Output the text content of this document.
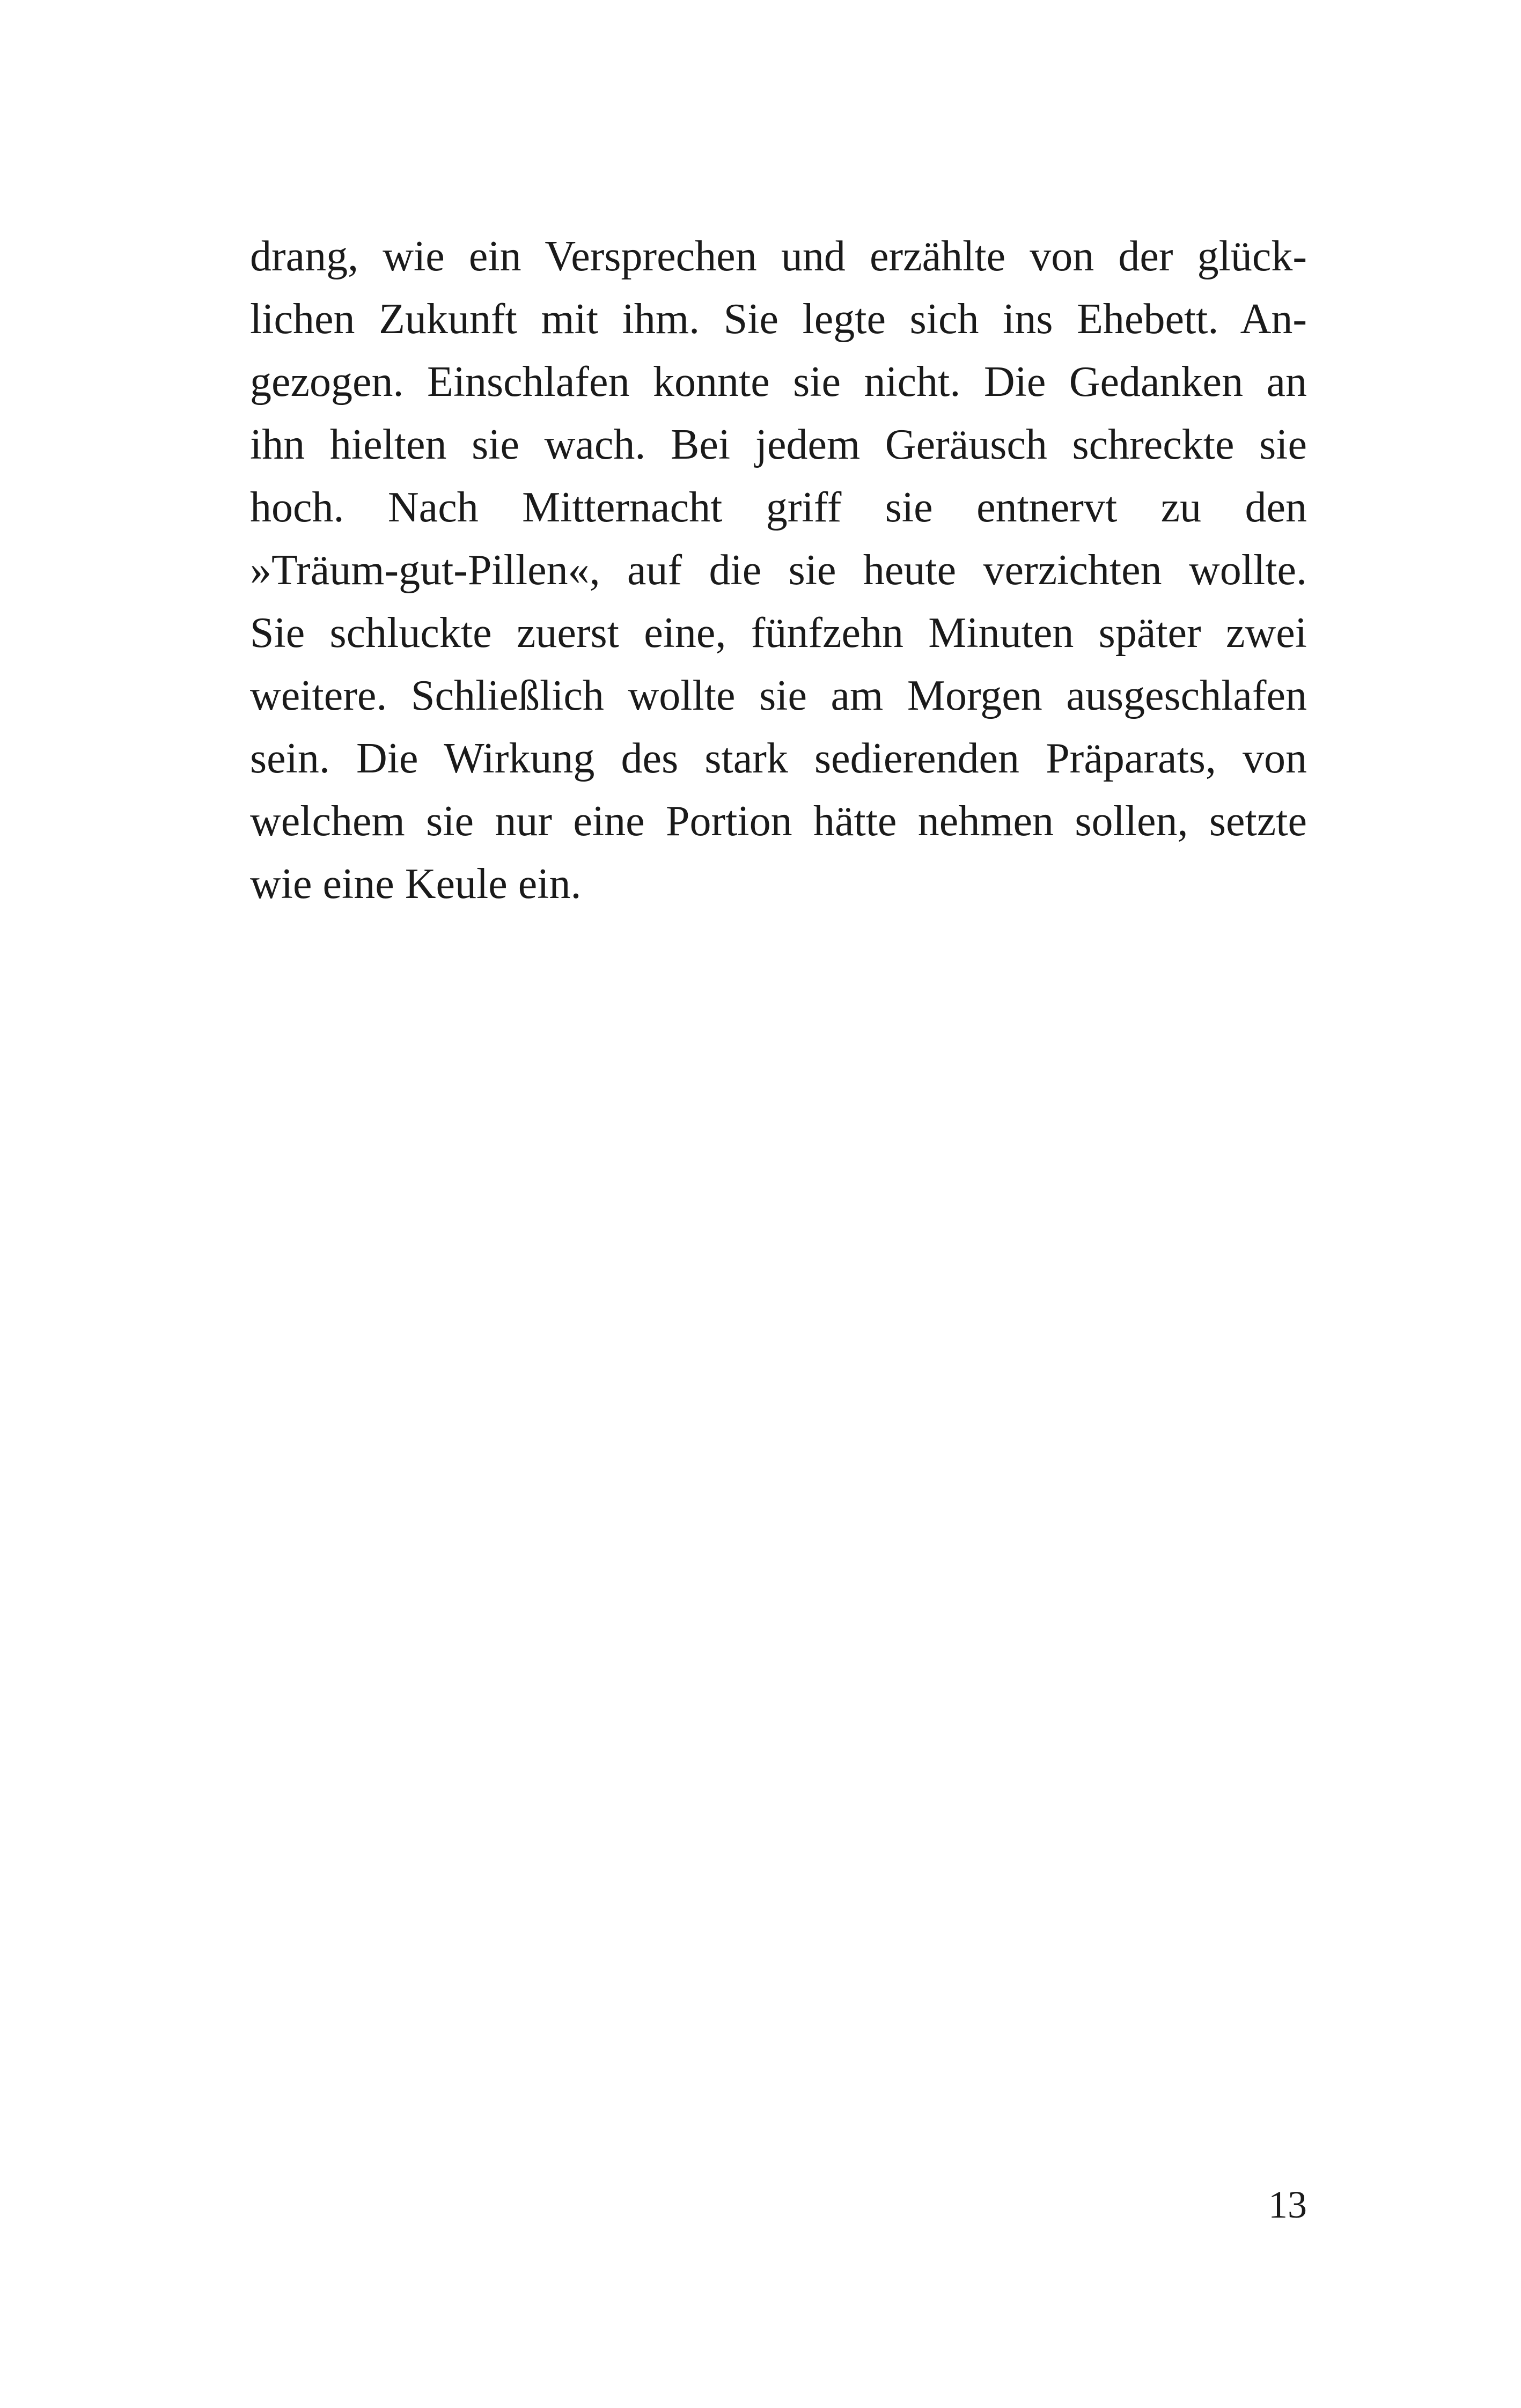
drang, wie ein Versprechen und erzählte von der glück-
lichen Zukunft mit ihm. Sie legte sich ins Ehebett. An-
gezogen. Einschlafen konnte sie nicht. Die Gedanken an
ihn hielten sie wach. Bei jedem Geräusch schreckte sie
hoch. Nach Mitternacht griff sie entnervt zu den
»Träum-gut-Pillen«, auf die sie heute verzichten wollte.
Sie schluckte zuerst eine, fünfzehn Minuten später zwei
weitere. Schließlich wollte sie am Morgen ausgeschlafen
sein. Die Wirkung des stark sedierenden Präparats, von
welchem sie nur eine Portion hätte nehmen sollen, setzte
wie eine Keule ein.
13
